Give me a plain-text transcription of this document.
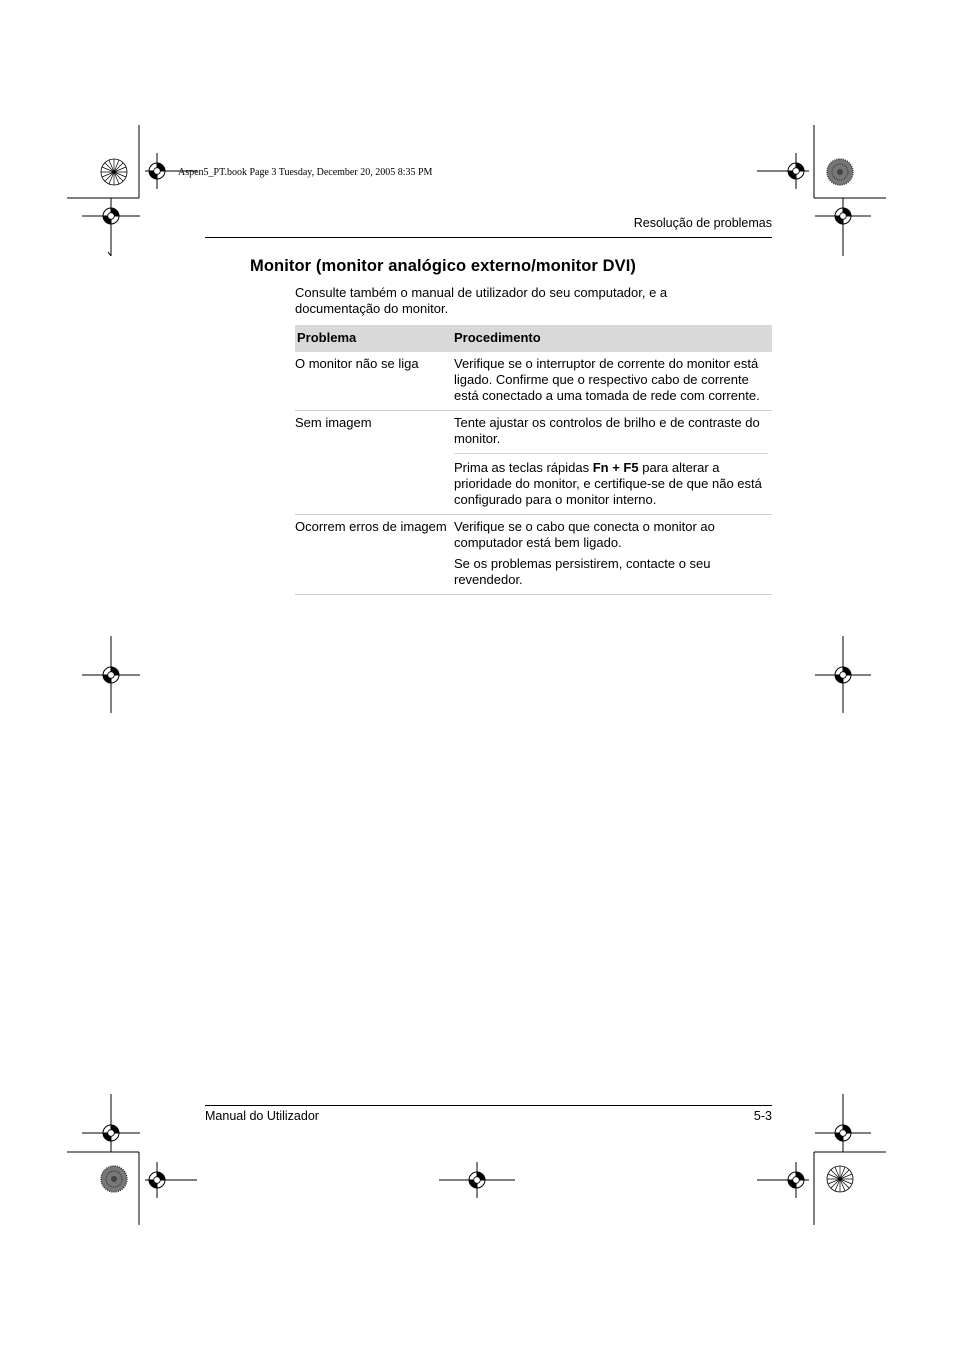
Aspen5_PT.book Page 3 Tuesday, December 20, 2005 8:35 PM
Resolução de problemas
Monitor (monitor analógico externo/monitor DVI)
Consulte também o manual de utilizador do seu computador, e a documentação do monitor.
Problema	Procedimento
O monitor não se liga	Verifique se o interruptor de corrente do monitor está ligado. Confirme que o respectivo cabo de corrente está conectado a uma tomada de rede com corrente.
Sem imagem	Tente ajustar os controlos de brilho e de contraste do monitor.
Prima as teclas rápidas Fn + F5 para alterar a prioridade do monitor, e certifique-se de que não está configurado para o monitor interno.

Ocorrem erros de imagem	Verifique se o cabo que conecta o monitor ao computador está bem ligado.
Se os problemas persistirem, contacte o seu revendedor.
Manual do Utilizador	5-3
